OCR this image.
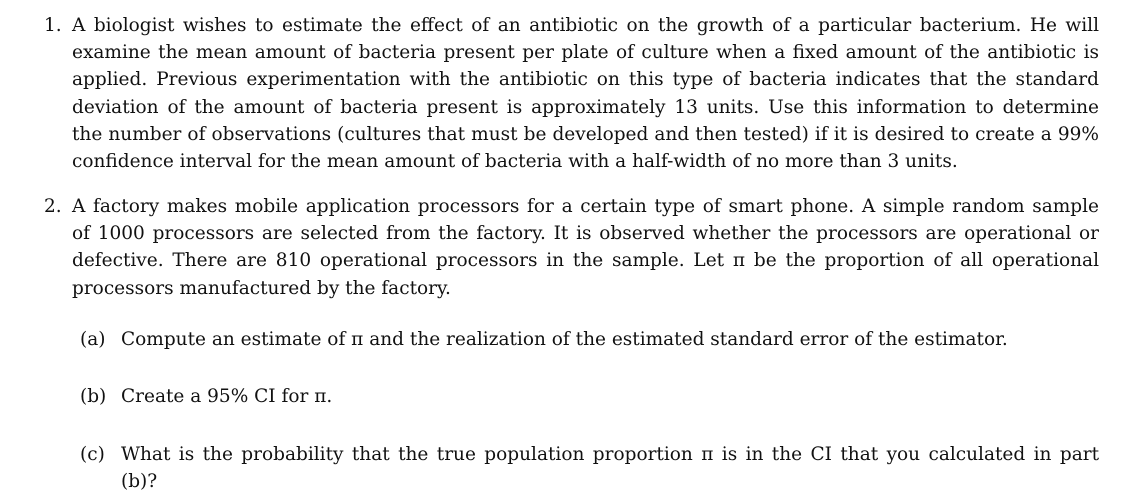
1. A biologist wishes to estimate the effect of an antibiotic on the growth of a particular bacterium. He will
examine the mean amount of bacteria present per plate of culture when a fixed amount of the antibiotic is
applied. Previous experimentation with the antibiotic on this type of bacteria indicates that the standard
deviation of the amount of bacteria present is approximately 13 units. Use this information to determine
the number of observations (cultures that must be developed and then tested) if it is desired to create a 99%
confidence interval for the mean amount of bacteria with a half-width of no more than 3 units.
2. A factory makes mobile application processors for a certain type of smart phone. A simple random sample
of 1000 processors are selected from the factory. It is observed whether the processors are operational or
defective. There are 810 operational processors in the sample. Let π be the proportion of all operational
processors manufactured by the factory.
(a) Compute an estimate of π and the realization of the estimated standard error of the estimator.
(b) Create a 95% CI for π.
(c) What is the probability that the true population proportion π is in the CI that you calculated in part
(b)?
